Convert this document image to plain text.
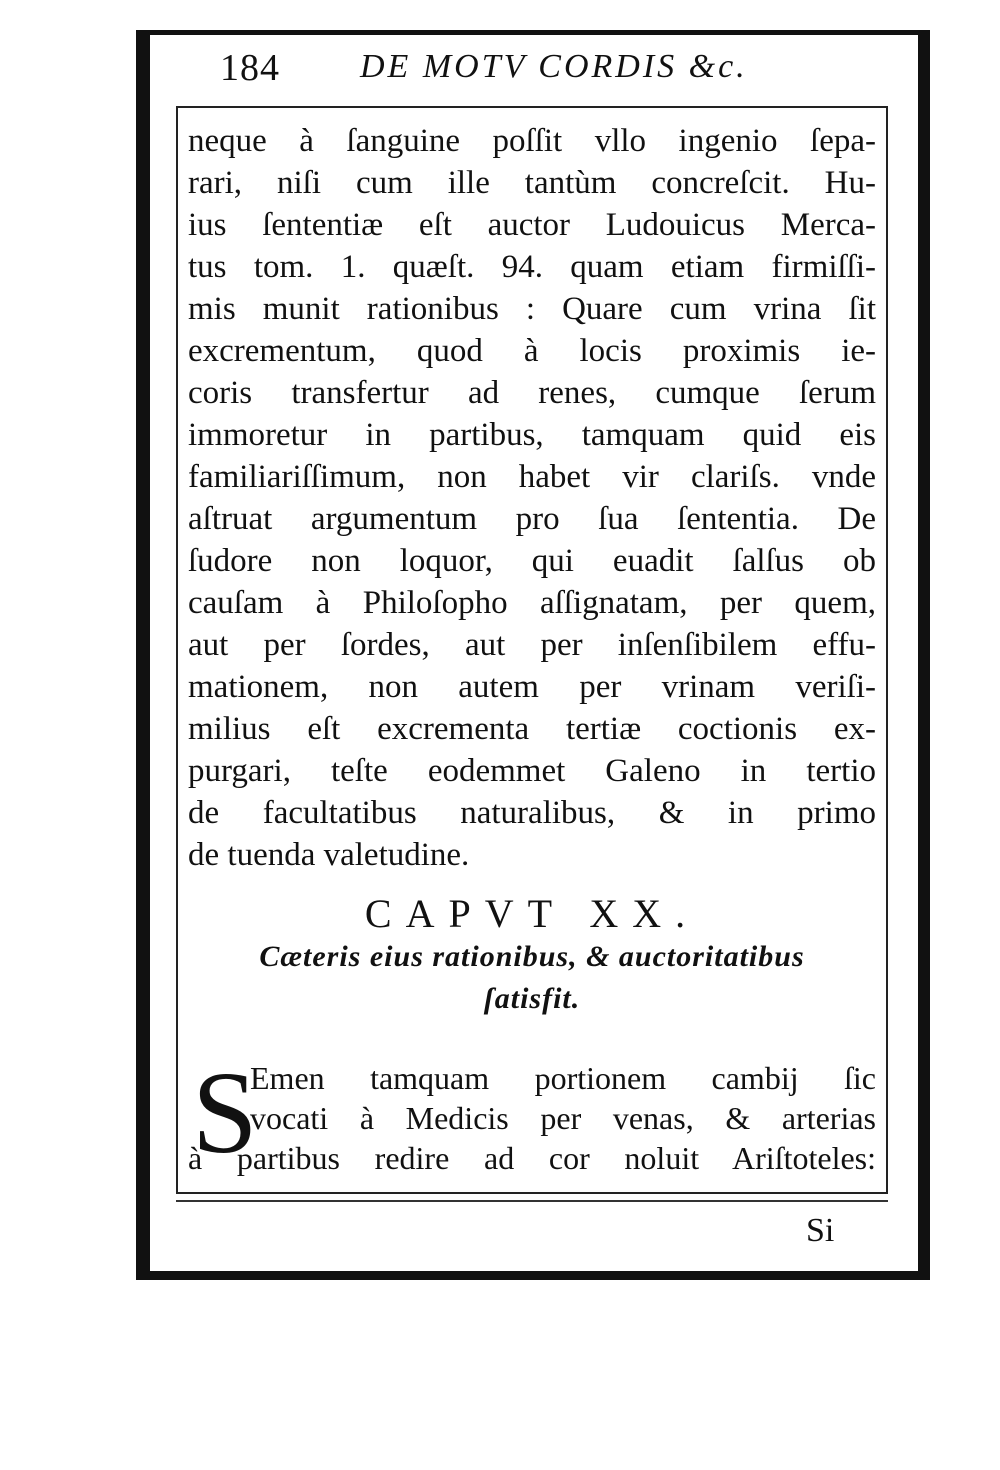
184 DE MOTV CORDIS &c.
neque à ſanguine poſſit vllo ingenio ſepa-
rari, niſi cum ille tantùm concreſcit. Hu-
ius ſententiæ eſt auctor Ludouicus Merca-
tus tom. 1. quæſt. 94. quam etiam firmiſſi-
mis munit rationibus : Quare cum vrina ſit
excrementum, quod à locis proximis ie-
coris transfertur ad renes, cumque ſerum
immoretur in partibus, tamquam quid eis
familiariſſimum, non habet vir clariſs. vnde
aſtruat argumentum pro ſua ſententia. De
ſudore non loquor, qui euadit ſalſus ob
cauſam à Philoſopho aſſignatam, per quem,
aut per ſordes, aut per inſenſibilem effu-
mationem, non autem per vrinam veriſi-
milius eſt excrementa tertiæ coctionis ex-
purgari, teſte eodemmet Galeno in tertio
de facultatibus naturalibus, & in primo
de tuenda valetudine.
CAPVT XX.
Cæteris eius rationibus, & auctoritatibus
ſatisfit.
S
Emen tamquam portionem cambij ſic
vocati à Medicis per venas, & arterias
à partibus redire ad cor noluit Ariſtoteles:
Si
